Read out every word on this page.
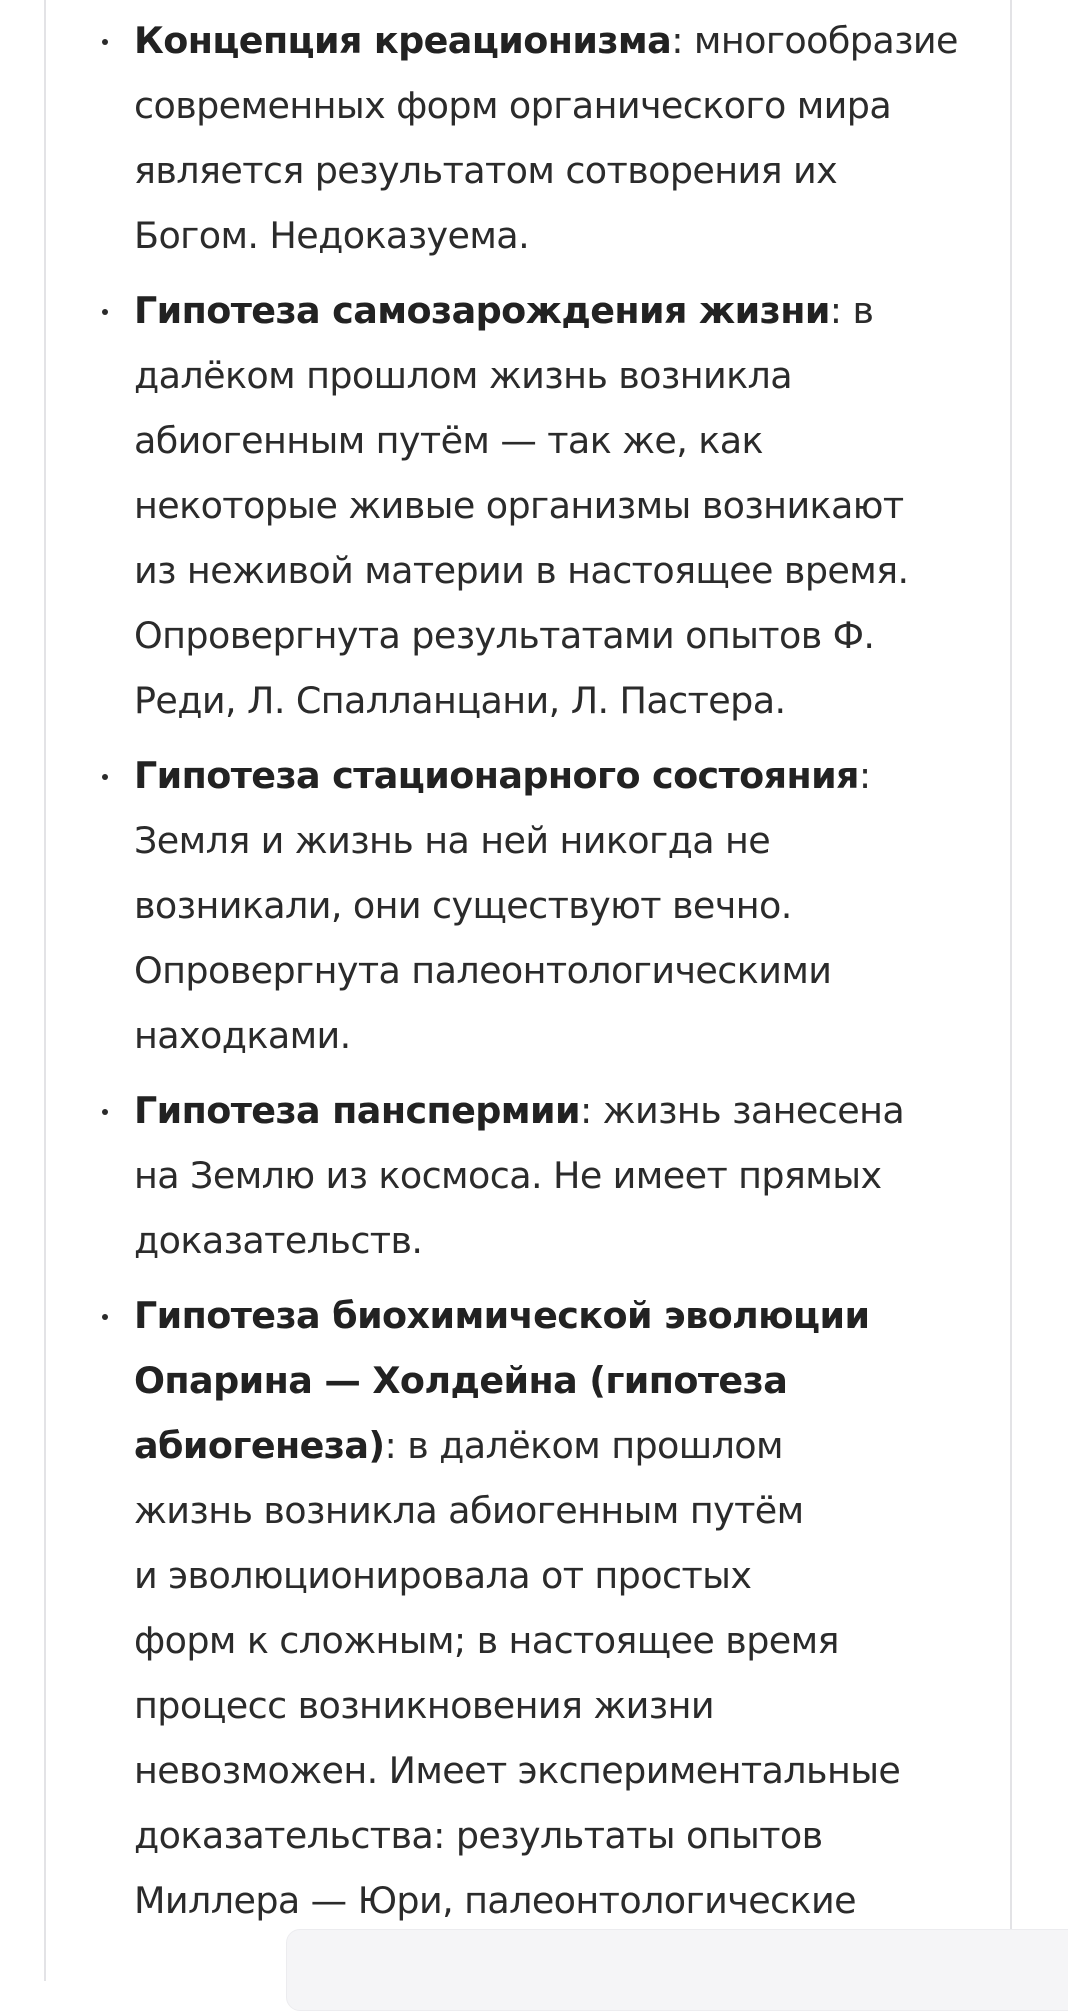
Концепция креационизма: многообразие
современных форм органического мира
является результатом сотворения их
Богом. Недоказуема.
Гипотеза самозарождения жизни: в
далёком прошлом жизнь возникла
абиогенным путём — так же, как
некоторые живые организмы возникают
из неживой материи в настоящее время.
Опровергнута результатами опытов Ф.
Реди, Л. Спалланцани, Л. Пастера.
Гипотеза стационарного состояния:
Земля и жизнь на ней никогда не
возникали, они существуют вечно.
Опровергнута палеонтологическими
находками.
Гипотеза панспермии: жизнь занесена
на Землю из космоса. Не имеет прямых
доказательств.
Гипотеза биохимической эволюции
Опарина — Холдейна (гипотеза
абиогенеза): в далёком прошлом
жизнь возникла абиогенным путём
и эволюционировала от простых
форм к сложным; в настоящее время
процесс возникновения жизни
невозможен. Имеет экспериментальные
доказательства: результаты опытов
Миллера — Юри, палеонтологические
